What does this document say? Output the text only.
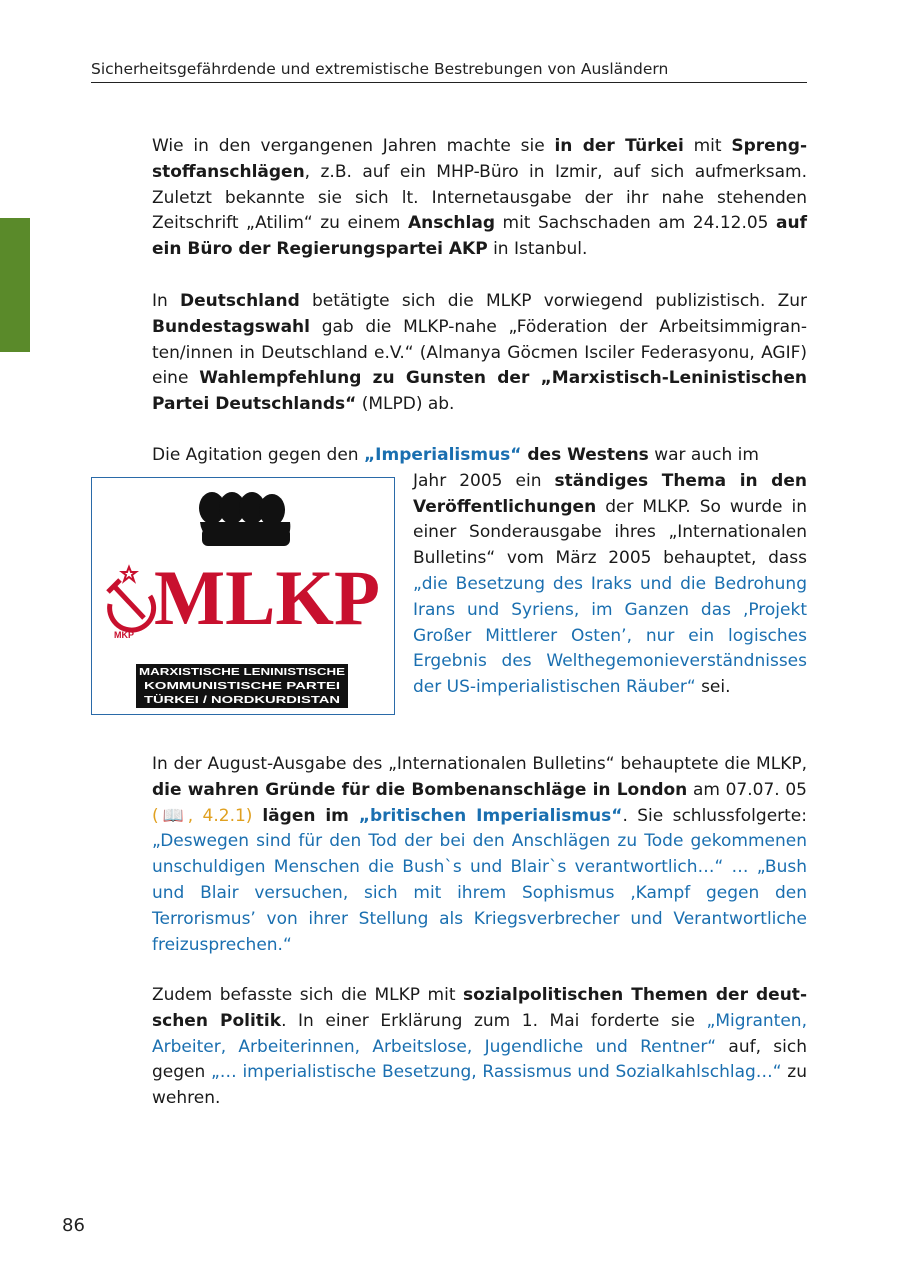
Sicherheitsgefährdende und extremistische Bestrebungen von Ausländern

Wie in den vergangenen Jahren machte sie in der Türkei mit Sprengstoffanschlägen, z.B. auf ein MHP-Büro in Izmir, auf sich aufmerksam. Zuletzt bekannte sie sich lt. Internetausgabe der ihr nahe stehenden Zeitschrift „Atilim“ zu einem Anschlag mit Sachschaden am 24.12.05 auf ein Büro der Regierungspartei AKP in Istanbul.

In Deutschland betätigte sich die MLKP vorwiegend publizistisch. Zur Bundestagswahl gab die MLKP-nahe „Föderation der Arbeitsimmigranten/innen in Deutschland e.V.“ (Almanya Göcmen Isciler Federasyonu, AGIF) eine Wahlempfehlung zu Gunsten der „Marxistisch-Leninistischen Partei Deutschlands“ (MLPD) ab.

Die Agitation gegen den „Imperialismus“ des Westens war auch im

MKP MLKP
MARXISTISCHE LENINISTISCHE
KOMMUNISTISCHE PARTEI
TÜRKEI / NORDKURDISTAN

Jahr 2005 ein ständiges Thema in den Veröffentlichungen der MLKP. So wurde in einer Sonderausgabe ihres „Internationalen Bulletins“ vom März 2005 behauptet, dass „die Besetzung des Iraks und die Bedrohung Irans und Syriens, im Ganzen das ‚Projekt Großer Mittlerer Osten’, nur ein logisches Ergebnis des Welthegemonieverständnisses der US-imperialistischen Räuber“ sei.

In der August-Ausgabe des „Internationalen Bulletins“ behauptete die MLKP, die wahren Gründe für die Bombenanschläge in London am 07.07. 05 (📖, 4.2.1) lägen im „britischen Imperialismus“. Sie schlussfolgerte: „Deswegen sind für den Tod der bei den Anschlägen zu Tode gekommenen unschuldigen Menschen die Bush`s und Blair`s verantwortlich…“ … „Bush und Blair versuchen, sich mit ihrem Sophismus ‚Kampf gegen den Terrorismus’ von ihrer Stellung als Kriegsverbrecher und Verantwortliche freizusprechen.“

Zudem befasste sich die MLKP mit sozialpolitischen Themen der deutschen Politik. In einer Erklärung zum 1. Mai forderte sie „Migranten, Arbeiter, Arbeiterinnen, Arbeitslose, Jugendliche und Rentner“ auf, sich gegen „… imperialistische Besetzung, Rassismus und Sozialkahlschlag…“ zu wehren.

86
